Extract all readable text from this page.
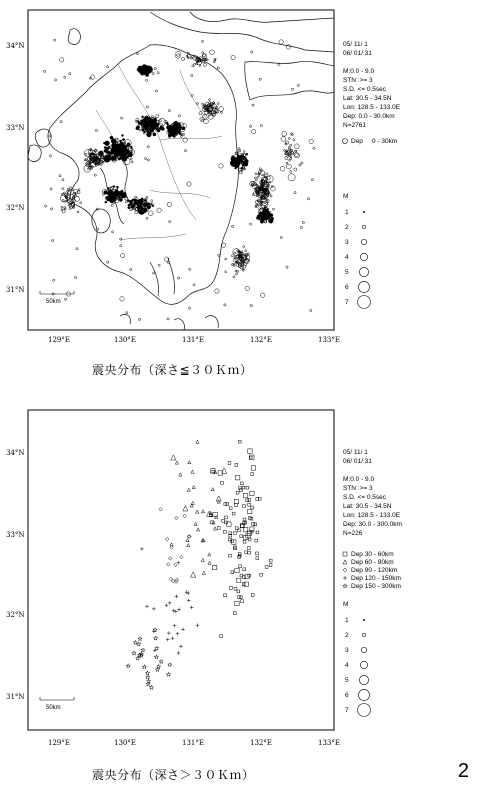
34°N
33°N
32°N
31°N
129°E	130°E	131°E	132°E	133°E
50km
05/ 11/ 1
06/ 01/ 31
M:0.0 - 9.0
STN :>= 3
S.D. <= 0.5sec
Lat: 30.5 - 34.5N
Lon: 128.5 - 133.0E
Dep: 0.0 - 30.0km
N=2761
Dep 0 - 30km
M
1
2
3
4
5
6
7
34°N
33°N
32°N
31°N
129°E	130°E	131°E	132°E	133°E
50km
05/ 11/ 1
06/ 01/ 31
M:0.0 - 9.0
STN :>= 3
S.D. <= 0.5sec
Lat: 30.5 - 34.5N
Lon: 128.5 - 133.0E
Dep: 30.0 - 300.0km
N=226
Dep 30 - 60km
Dep 60 - 90km
Dep 90 - 120km
Dep 120 - 150km
Dep 150 - 300km
M
1
2
3
4
5
6
7
震央分布（深さ≦３０Ｋｍ）
震央分布（深さ＞３０Ｋｍ）	2
